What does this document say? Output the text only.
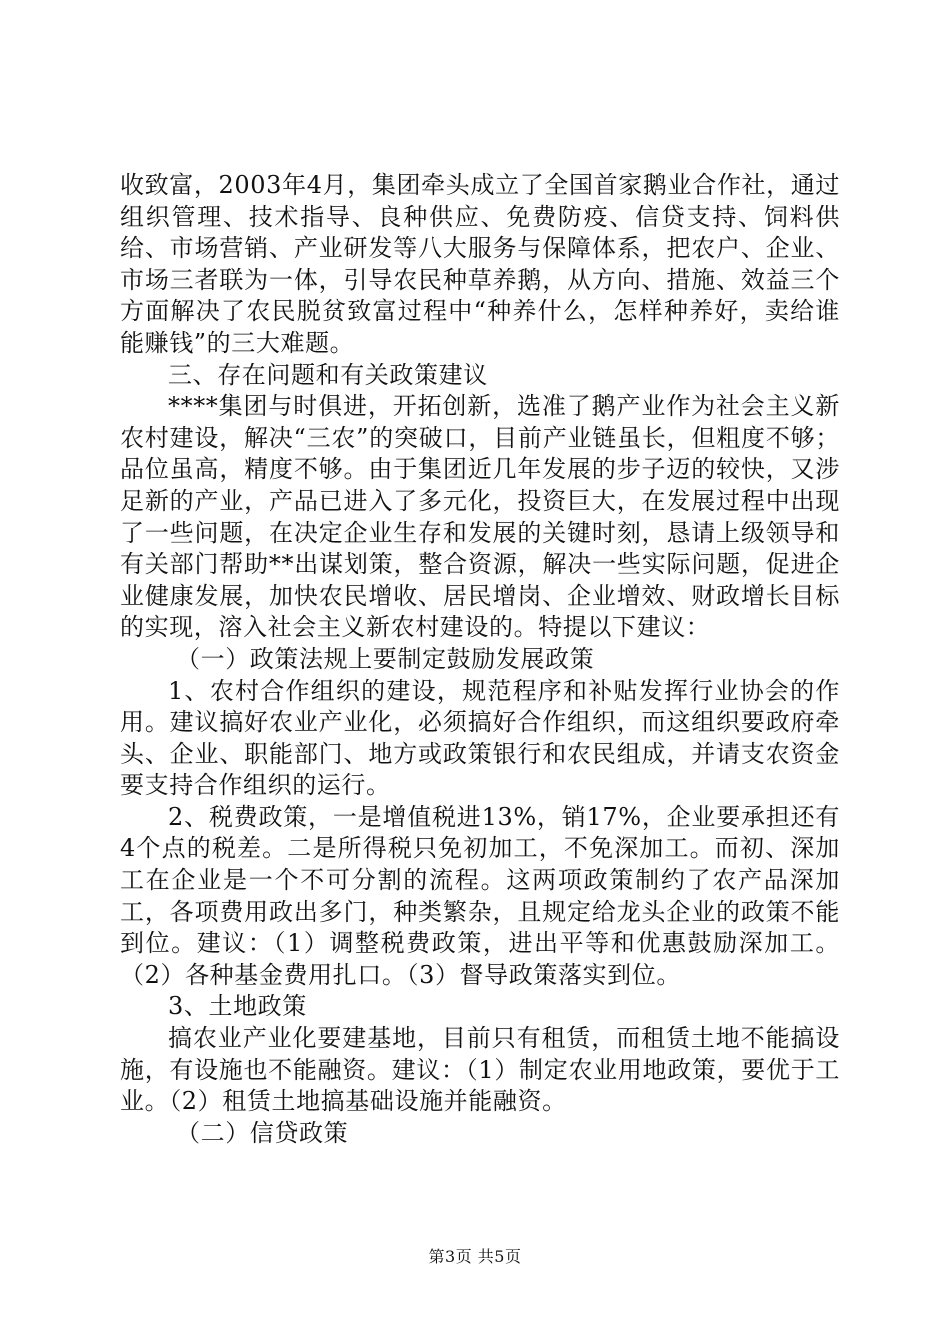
收致富，2003年4月，集团牵头成立了全国首家鹅业合作社，通过组织管理、技术指导、良种供应、免费防疫、信贷支持、饲料供给、市场营销、产业研发等八大服务与保障体系，把农户、企业、市场三者联为一体，引导农民种草养鹅，从方向、措施、效益三个方面解决了农民脱贫致富过程中“种养什么，怎样种养好，卖给谁能赚钱”的三大难题。

三、存在问题和有关政策建议

****集团与时俱进，开拓创新，选准了鹅产业作为社会主义新农村建设，解决“三农”的突破口，目前产业链虽长，但粗度不够；品位虽高，精度不够。由于集团近几年发展的步子迈的较快，又涉足新的产业，产品已进入了多元化，投资巨大，在发展过程中出现了一些问题，在决定企业生存和发展的关键时刻，恳请上级领导和有关部门帮助**出谋划策，整合资源，解决一些实际问题，促进企业健康发展，加快农民增收、居民增岗、企业增效、财政增长目标的实现，溶入社会主义新农村建设的。特提以下建议：

（一）政策法规上要制定鼓励发展政策

1、农村合作组织的建设，规范程序和补贴发挥行业协会的作用。建议搞好农业产业化，必须搞好合作组织，而这组织要政府牵头、企业、职能部门、地方或政策银行和农民组成，并请支农资金要支持合作组织的运行。

2、税费政策，一是增值税进13%，销17%，企业要承担还有4个点的税差。二是所得税只免初加工，不免深加工。而初、深加工在企业是一个不可分割的流程。这两项政策制约了农产品深加工，各项费用政出多门，种类繁杂，且规定给龙头企业的政策不能到位。建议：（1）调整税费政策，进出平等和优惠鼓励深加工。（2）各种基金费用扎口。（3）督导政策落实到位。

3、土地政策

搞农业产业化要建基地，目前只有租赁，而租赁土地不能搞设施，有设施也不能融资。建议：（1）制定农业用地政策，要优于工业。（2）租赁土地搞基础设施并能融资。

（二）信贷政策

第3页 共5页
